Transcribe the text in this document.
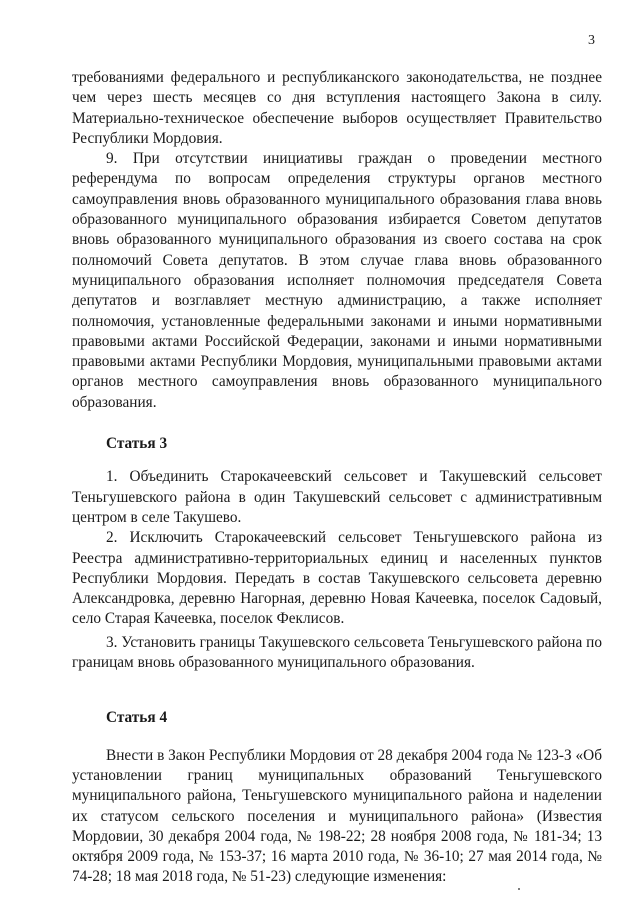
3

требованиями федерального и республиканского законодательства, не позднее чем через шесть месяцев со дня вступления настоящего Закона в силу. Материально-техническое обеспечение выборов осуществляет Правительство Республики Мордовия.

9. При отсутствии инициативы граждан о проведении местного референдума по вопросам определения структуры органов местного самоуправления вновь образованного муниципального образования глава вновь образованного муниципального образования избирается Советом депутатов вновь образованного муниципального образования из своего состава на срок полномочий Совета депутатов. В этом случае глава вновь образованного муниципального образования исполняет полномочия председателя Совета депутатов и возглавляет местную администрацию, а также исполняет полномочия, установленные федеральными законами и иными нормативными правовыми актами Российской Федерации, законами и иными нормативными правовыми актами Республики Мордовия, муниципальными правовыми актами органов местного самоуправления вновь образованного муниципального образования.

Статья 3

1. Объединить Старокачеевский сельсовет и Такушевский сельсовет Теньгушевского района в один Такушевский сельсовет с административным центром в селе Такушево.

2. Исключить Старокачеевский сельсовет Теньгушевского района из Реестра административно-территориальных единиц и населенных пунктов Республики Мордовия. Передать в состав Такушевского сельсовета деревню Александровка, деревню Нагорная, деревню Новая Качеевка, поселок Садовый, село Старая Качеевка, поселок Феклисов.

3. Установить границы Такушевского сельсовета Теньгушевского района по границам вновь образованного муниципального образования.

Статья 4

Внести в Закон Республики Мордовия от 28 декабря 2004 года № 123-З «Об установлении границ муниципальных образований Теньгушевского муниципального района, Теньгушевского муниципального района и наделении их статусом сельского поселения и муниципального района» (Известия Мордовии, 30 декабря 2004 года, № 198-22; 28 ноября 2008 года, № 181-34; 13 октября 2009 года, № 153-37; 16 марта 2010 года, № 36-10; 27 мая 2014 года, № 74-28; 18 мая 2018 года, № 51-23) следующие изменения:
